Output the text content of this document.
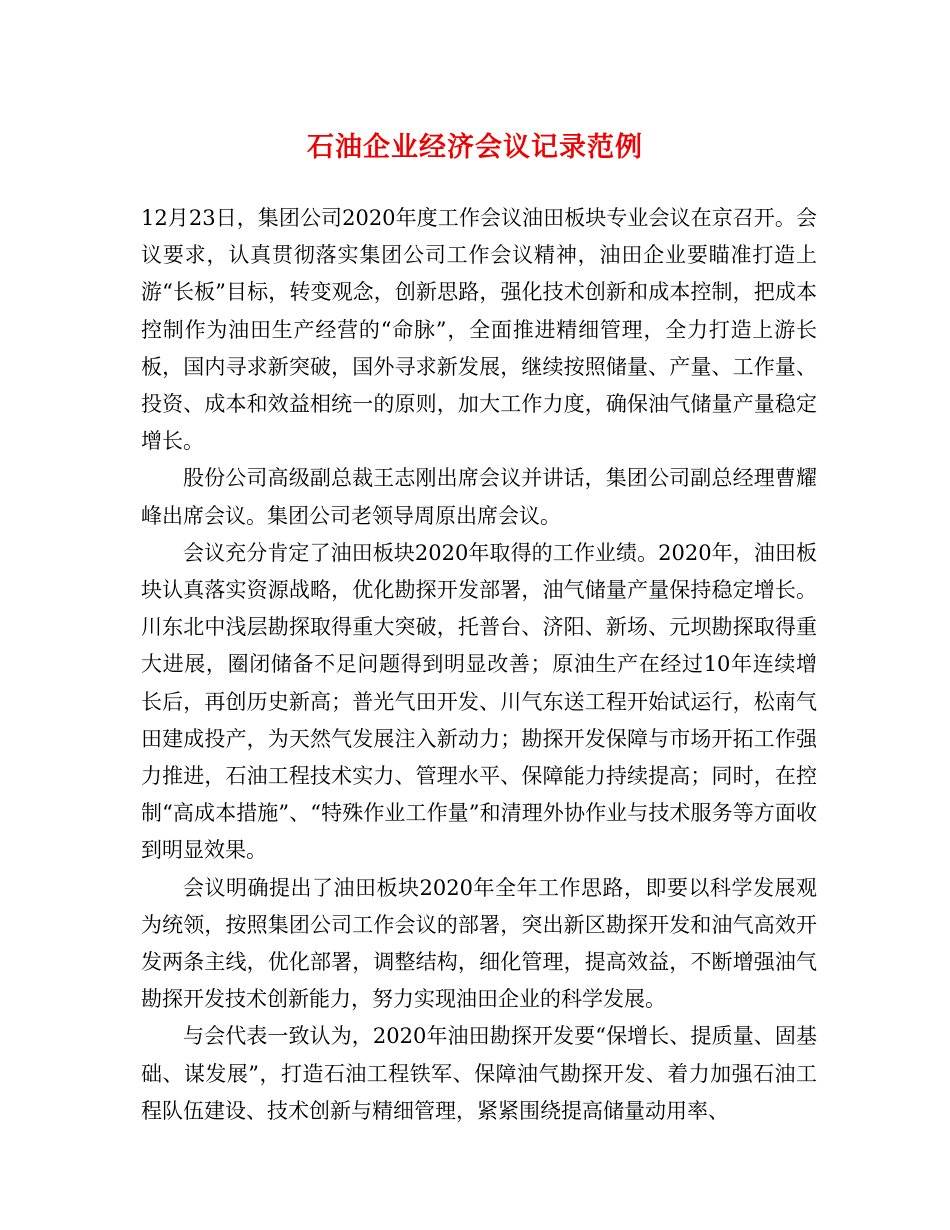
石油企业经济会议记录范例

12月23日，集团公司2020年度工作会议油田板块专业会议在京召开。会议要求，认真贯彻落实集团公司工作会议精神，油田企业要瞄准打造上游“长板”目标，转变观念，创新思路，强化技术创新和成本控制，把成本控制作为油田生产经营的“命脉”，全面推进精细管理，全力打造上游长板，国内寻求新突破，国外寻求新发展，继续按照储量、产量、工作量、投资、成本和效益相统一的原则，加大工作力度，确保油气储量产量稳定增长。

股份公司高级副总裁王志刚出席会议并讲话，集团公司副总经理曹耀峰出席会议。集团公司老领导周原出席会议。

会议充分肯定了油田板块2020年取得的工作业绩。2020年，油田板块认真落实资源战略，优化勘探开发部署，油气储量产量保持稳定增长。川东北中浅层勘探取得重大突破，托普台、济阳、新场、元坝勘探取得重大进展，圈闭储备不足问题得到明显改善；原油生产在经过10年连续增长后，再创历史新高；普光气田开发、川气东送工程开始试运行，松南气田建成投产，为天然气发展注入新动力；勘探开发保障与市场开拓工作强力推进，石油工程技术实力、管理水平、保障能力持续提高；同时，在控制“高成本措施”、“特殊作业工作量”和清理外协作业与技术服务等方面收到明显效果。

会议明确提出了油田板块2020年全年工作思路，即要以科学发展观为统领，按照集团公司工作会议的部署，突出新区勘探开发和油气高效开发两条主线，优化部署，调整结构，细化管理，提高效益，不断增强油气勘探开发技术创新能力，努力实现油田企业的科学发展。

与会代表一致认为，2020年油田勘探开发要“保增长、提质量、固基础、谋发展”，打造石油工程铁军、保障油气勘探开发、着力加强石油工程队伍建设、技术创新与精细管理，紧紧围绕提高储量动用率、
